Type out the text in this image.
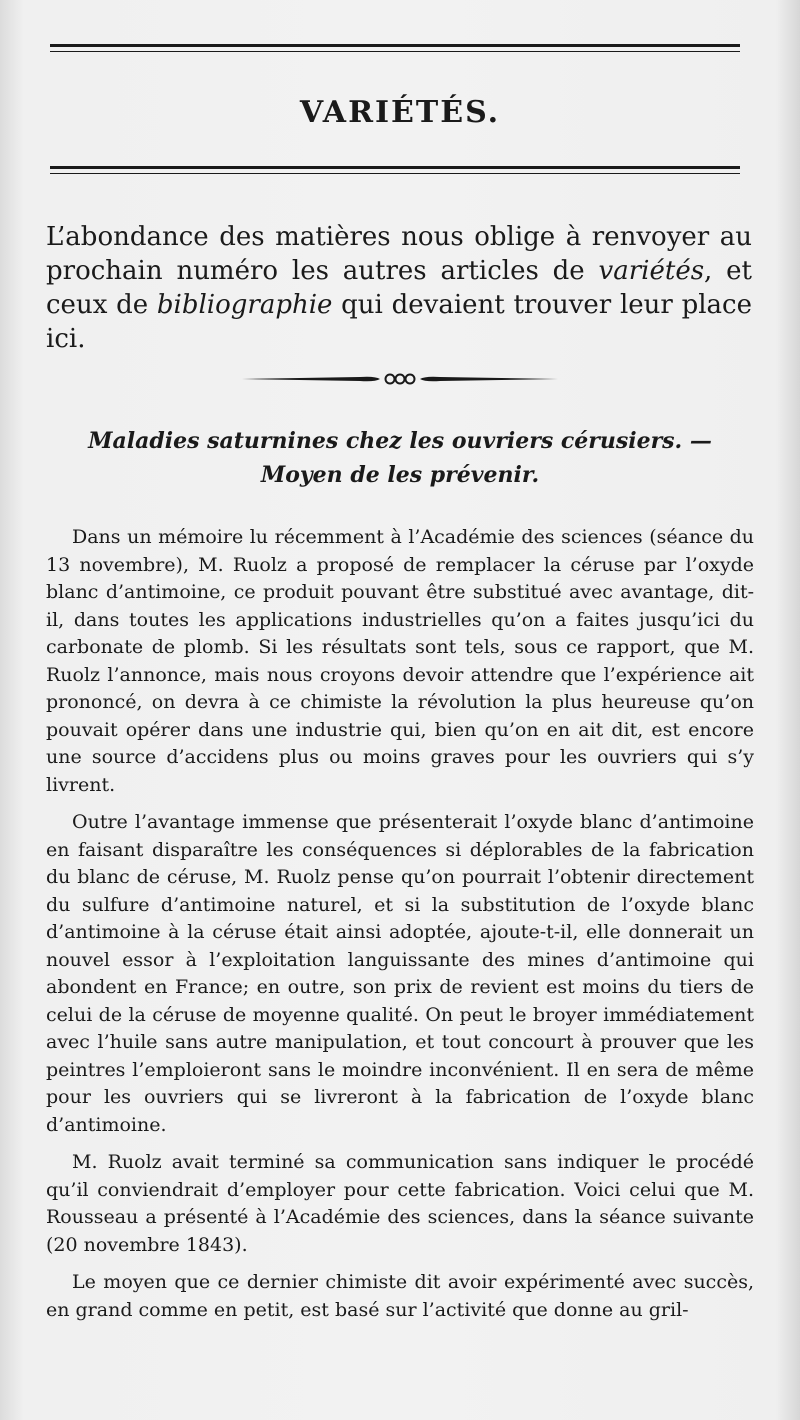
VARIÉTÉS.
L’abondance des matières nous oblige à renvoyer au prochain numéro les autres articles de variétés, et ceux de bibliographie qui devaient trouver leur place ici.
Maladies saturnines chez les ouvriers cérusiers. —
Moyen de les prévenir.

Dans un mémoire lu récemment à l’Académie des sciences (séance du 13 novembre), M. Ruolz a proposé de remplacer la céruse par l’oxyde blanc d’antimoine, ce produit pouvant être substitué avec avantage, dit-il, dans toutes les applications industrielles qu’on a faites jusqu’ici du carbonate de plomb. Si les résultats sont tels, sous ce rapport, que M. Ruolz l’annonce, mais nous croyons devoir attendre que l’expérience ait prononcé, on devra à ce chimiste la révolution la plus heureuse qu’on pouvait opérer dans une industrie qui, bien qu’on en ait dit, est encore une source d’accidens plus ou moins graves pour les ouvriers qui s’y livrent.

Outre l’avantage immense que présenterait l’oxyde blanc d’antimoine en faisant disparaître les conséquences si déplorables de la fabrication du blanc de céruse, M. Ruolz pense qu’on pourrait l’obtenir directement du sulfure d’antimoine naturel, et si la substitution de l’oxyde blanc d’antimoine à la céruse était ainsi adoptée, ajoute-t-il, elle donnerait un nouvel essor à l’exploitation languissante des mines d’antimoine qui abondent en France; en outre, son prix de revient est moins du tiers de celui de la céruse de moyenne qualité. On peut le broyer immédiatement avec l’huile sans autre manipulation, et tout concourt à prouver que les peintres l’emploieront sans le moindre inconvénient. Il en sera de même pour les ouvriers qui se livreront à la fabrication de l’oxyde blanc d’antimoine.

M. Ruolz avait terminé sa communication sans indiquer le procédé qu’il conviendrait d’employer pour cette fabrication. Voici celui que M. Rousseau a présenté à l’Académie des sciences, dans la séance suivante (20 novembre 1843).

Le moyen que ce dernier chimiste dit avoir expérimenté avec succès, en grand comme en petit, est basé sur l’activité que donne au gril-
